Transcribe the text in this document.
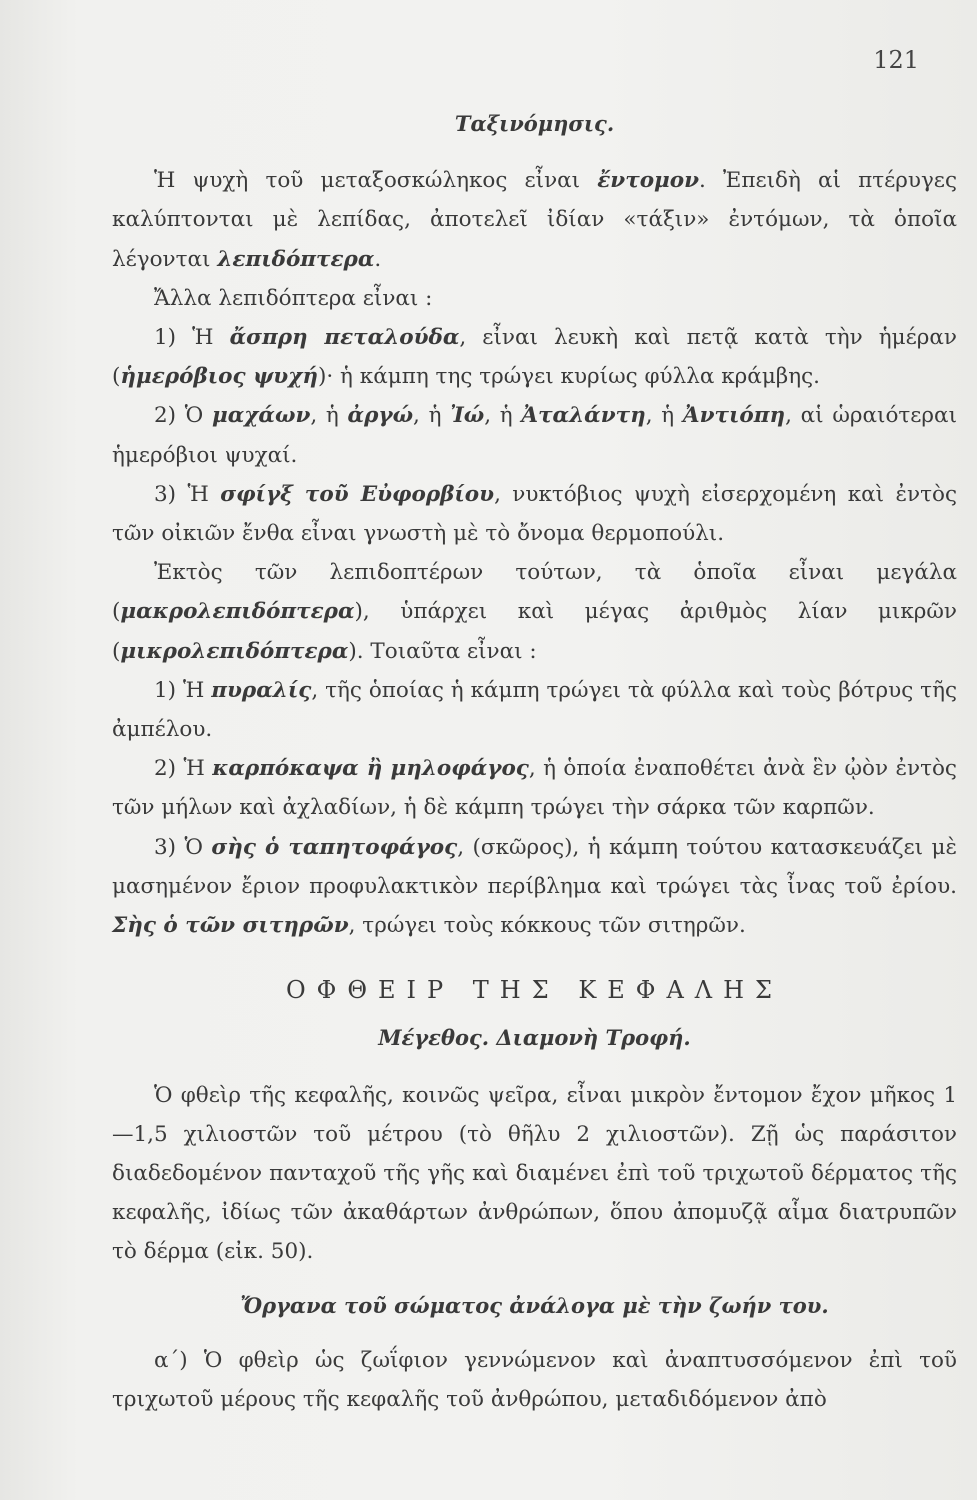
121

Ταξινόμησις.

Ἡ ψυχὴ τοῦ μεταξοσκώληκος εἶναι ἔντομον. Ἐπειδὴ αἱ πτέρυγες καλύπτονται μὲ λεπίδας, ἀποτελεῖ ἰδίαν «τάξιν» ἐντόμων, τὰ ὁποῖα λέγονται λεπιδόπτερα.

Ἄλλα λεπιδόπτερα εἶναι :

1) Ἡ ἄσπρη πεταλούδα, εἶναι λευκὴ καὶ πετᾷ κατὰ τὴν ἡμέραν (ἡμερόβιος ψυχή)· ἡ κάμπη της τρώγει κυρίως φύλλα κράμβης.

2) Ὁ μαχάων, ἡ ἀργώ, ἡ Ἰώ, ἡ Ἀταλάντη, ἡ Ἀντιόπη, αἱ ὡραιότεραι ἡμερόβιοι ψυχαί.

3) Ἡ σφίγξ τοῦ Εὐφορβίου, νυκτόβιος ψυχὴ εἰσερχομένη καὶ ἐντὸς τῶν οἰκιῶν ἔνθα εἶναι γνωστὴ μὲ τὸ ὄνομα θερμοπούλι.

Ἐκτὸς τῶν λεπιδοπτέρων τούτων, τὰ ὁποῖα εἶναι μεγάλα (μακρολεπιδόπτερα), ὑπάρχει καὶ μέγας ἀριθμὸς λίαν μικρῶν (μικρολεπιδόπτερα). Τοιαῦτα εἶναι :

1) Ἡ πυραλίς, τῆς ὁποίας ἡ κάμπη τρώγει τὰ φύλλα καὶ τοὺς βότρυς τῆς ἀμπέλου.

2) Ἡ καρπόκαψα ἢ μηλοφάγος, ἡ ὁποία ἐναποθέτει ἀνὰ ἓν ᾠὸν ἐντὸς τῶν μήλων καὶ ἀχλαδίων, ἡ δὲ κάμπη τρώγει τὴν σάρκα τῶν καρπῶν.

3) Ὁ σὴς ὁ ταπητοφάγος, (σκῶρος), ἡ κάμπη τούτου κατασκευάζει μὲ μασημένον ἔριον προφυλακτικὸν περίβλημα καὶ τρώγει τὰς ἶνας τοῦ ἐρίου. Σὴς ὁ τῶν σιτηρῶν, τρώγει τοὺς κόκκους τῶν σιτηρῶν.

ΟΦΘΕΙΡ ΤΗΣ ΚΕΦΑΛΗΣ

Μέγεθος. Διαμονὴ Τροφή.

Ὁ φθεὶρ τῆς κεφαλῆς, κοινῶς ψεῖρα, εἶναι μικρὸν ἔντομον ἔχον μῆκος 1—1,5 χιλιοστῶν τοῦ μέτρου (τὸ θῆλυ 2 χιλιοστῶν). Ζῇ ὡς παράσιτον διαδεδομένον πανταχοῦ τῆς γῆς καὶ διαμένει ἐπὶ τοῦ τριχωτοῦ δέρματος τῆς κεφαλῆς, ἰδίως τῶν ἀκαθάρτων ἀνθρώπων, ὅπου ἀπομυζᾷ αἷμα διατρυπῶν τὸ δέρμα (εἰκ. 50).

Ὄργανα τοῦ σώματος ἀνάλογα μὲ τὴν ζωήν του.

α΄) Ὁ φθεὶρ ὡς ζωΐφιον γεννώμενον καὶ ἀναπτυσσόμενον ἐπὶ τοῦ τριχωτοῦ μέρους τῆς κεφαλῆς τοῦ ἀνθρώπου, μεταδιδόμενον ἀπὸ
